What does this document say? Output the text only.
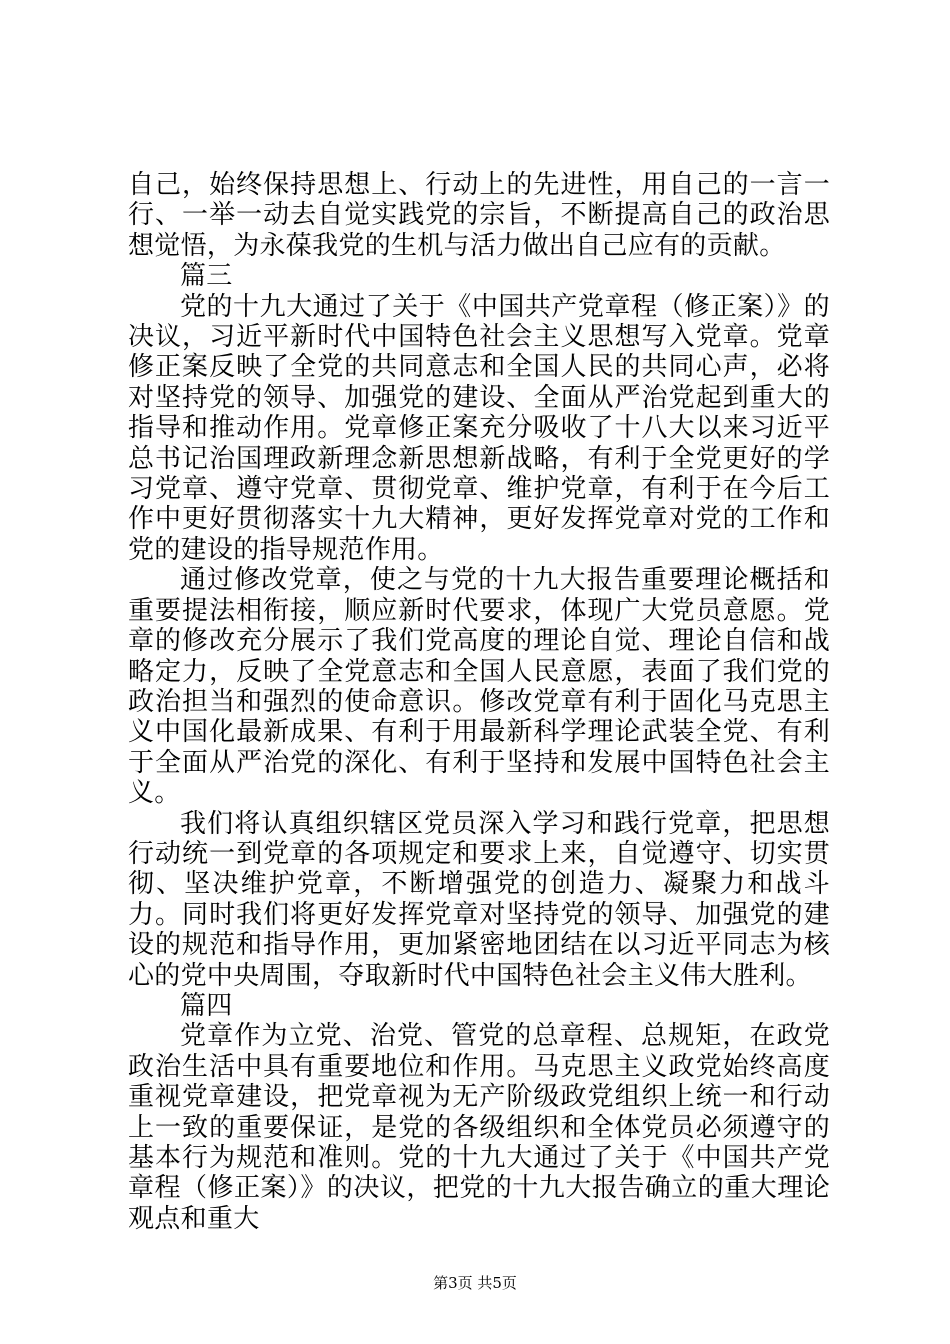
自己，始终保持思想上、行动上的先进性，用自己的一言一行、一举一动去自觉实践党的宗旨，不断提高自己的政治思想觉悟，为永葆我党的生机与活力做出自己应有的贡献。

篇三

党的十九大通过了关于《中国共产党章程（修正案）》的决议，习近平新时代中国特色社会主义思想写入党章。党章修正案反映了全党的共同意志和全国人民的共同心声，必将对坚持党的领导、加强党的建设、全面从严治党起到重大的指导和推动作用。党章修正案充分吸收了十八大以来习近平总书记治国理政新理念新思想新战略，有利于全党更好的学习党章、遵守党章、贯彻党章、维护党章，有利于在今后工作中更好贯彻落实十九大精神，更好发挥党章对党的工作和党的建设的指导规范作用。

通过修改党章，使之与党的十九大报告重要理论概括和重要提法相衔接，顺应新时代要求，体现广大党员意愿。党章的修改充分展示了我们党高度的理论自觉、理论自信和战略定力，反映了全党意志和全国人民意愿，表面了我们党的政治担当和强烈的使命意识。修改党章有利于固化马克思主义中国化最新成果、有利于用最新科学理论武装全党、有利于全面从严治党的深化、有利于坚持和发展中国特色社会主义。

我们将认真组织辖区党员深入学习和践行党章，把思想行动统一到党章的各项规定和要求上来，自觉遵守、切实贯彻、坚决维护党章，不断增强党的创造力、凝聚力和战斗力。同时我们将更好发挥党章对坚持党的领导、加强党的建设的规范和指导作用，更加紧密地团结在以习近平同志为核心的党中央周围，夺取新时代中国特色社会主义伟大胜利。

篇四

党章作为立党、治党、管党的总章程、总规矩，在政党政治生活中具有重要地位和作用。马克思主义政党始终高度重视党章建设，把党章视为无产阶级政党组织上统一和行动上一致的重要保证，是党的各级组织和全体党员必须遵守的基本行为规范和准则。党的十九大通过了关于《中国共产党章程（修正案）》的决议，把党的十九大报告确立的重大理论观点和重大

第3页 共5页
